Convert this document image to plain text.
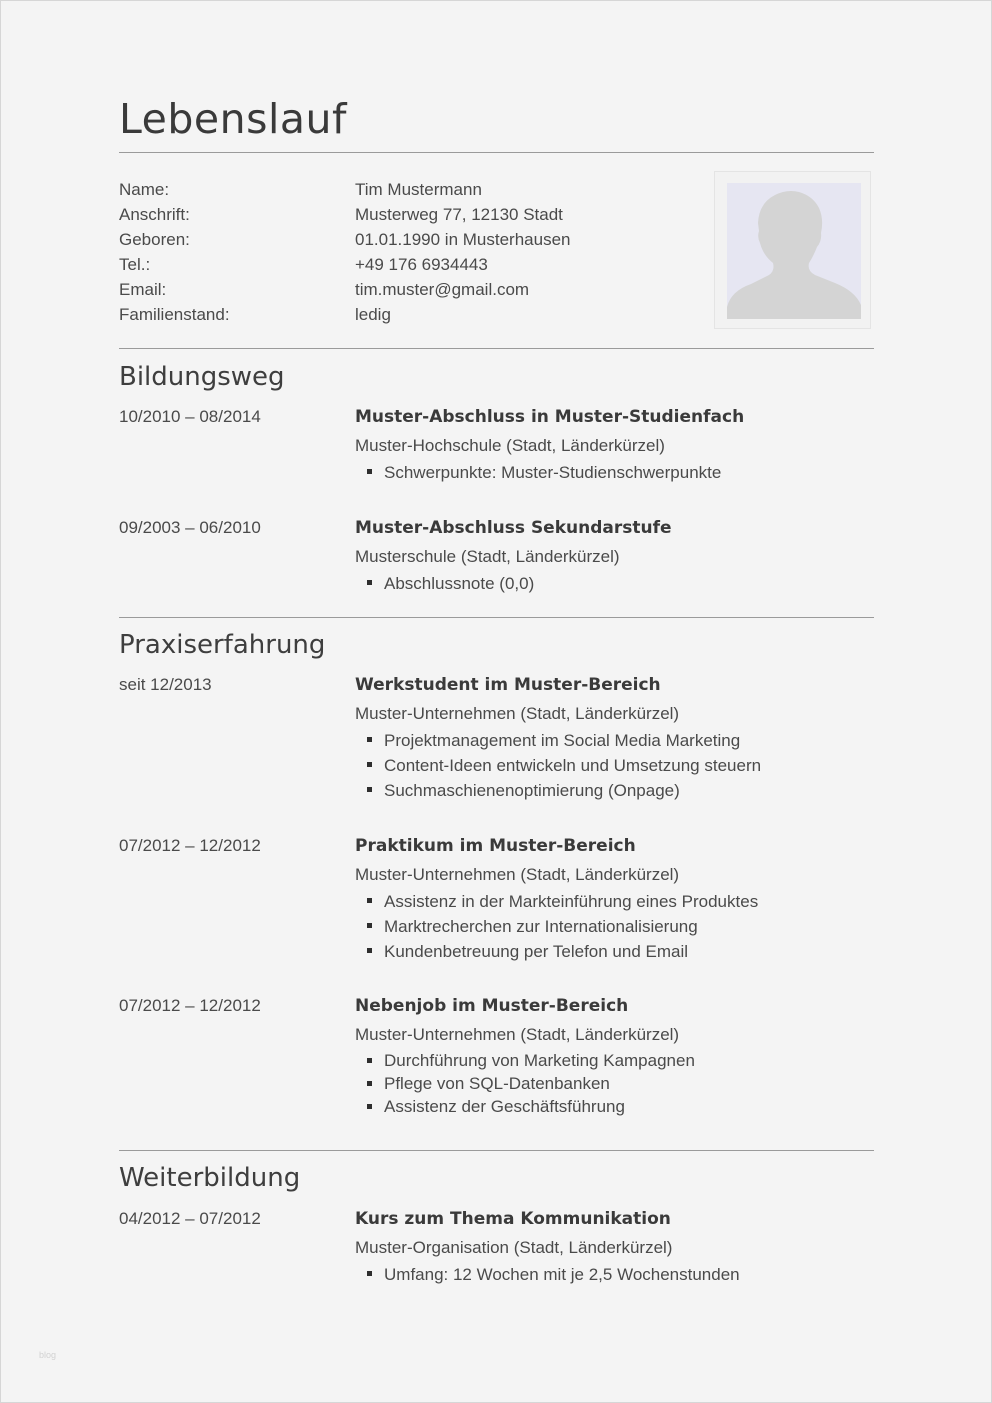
Lebenslauf
Name:	Tim Mustermann
Anschrift:	Musterweg 77, 12130 Stadt
Geboren:	01.01.1990 in Musterhausen
Tel.:	+49 176 6934443
Email:	tim.muster@gmail.com
Familienstand:	ledig
Bildungsweg
10/2010 – 08/2014	Muster-Abschluss in Muster-Studienfach
Muster-Hochschule (Stadt, Länderkürzel)
Schwerpunkte: Muster-Studienschwerpunkte
09/2003 – 06/2010	Muster-Abschluss Sekundarstufe
Musterschule (Stadt, Länderkürzel)
Abschlussnote (0,0)
Praxiserfahrung
seit 12/2013	Werkstudent im Muster-Bereich
Muster-Unternehmen (Stadt, Länderkürzel)
Projektmanagement im Social Media Marketing
Content-Ideen entwickeln und Umsetzung steuern
Suchmaschienenoptimierung (Onpage)
07/2012 – 12/2012	Praktikum im Muster-Bereich
Muster-Unternehmen (Stadt, Länderkürzel)
Assistenz in der Markteinführung eines Produktes
Marktrecherchen zur Internationalisierung
Kundenbetreuung per Telefon und Email
07/2012 – 12/2012	Nebenjob im Muster-Bereich
Muster-Unternehmen (Stadt, Länderkürzel)
Durchführung von Marketing Kampagnen
Pflege von SQL-Datenbanken
Assistenz der Geschäftsführung
Weiterbildung
04/2012 – 07/2012	Kurs zum Thema Kommunikation
Muster-Organisation (Stadt, Länderkürzel)
Umfang: 12 Wochen mit je 2,5 Wochenstunden
blog
